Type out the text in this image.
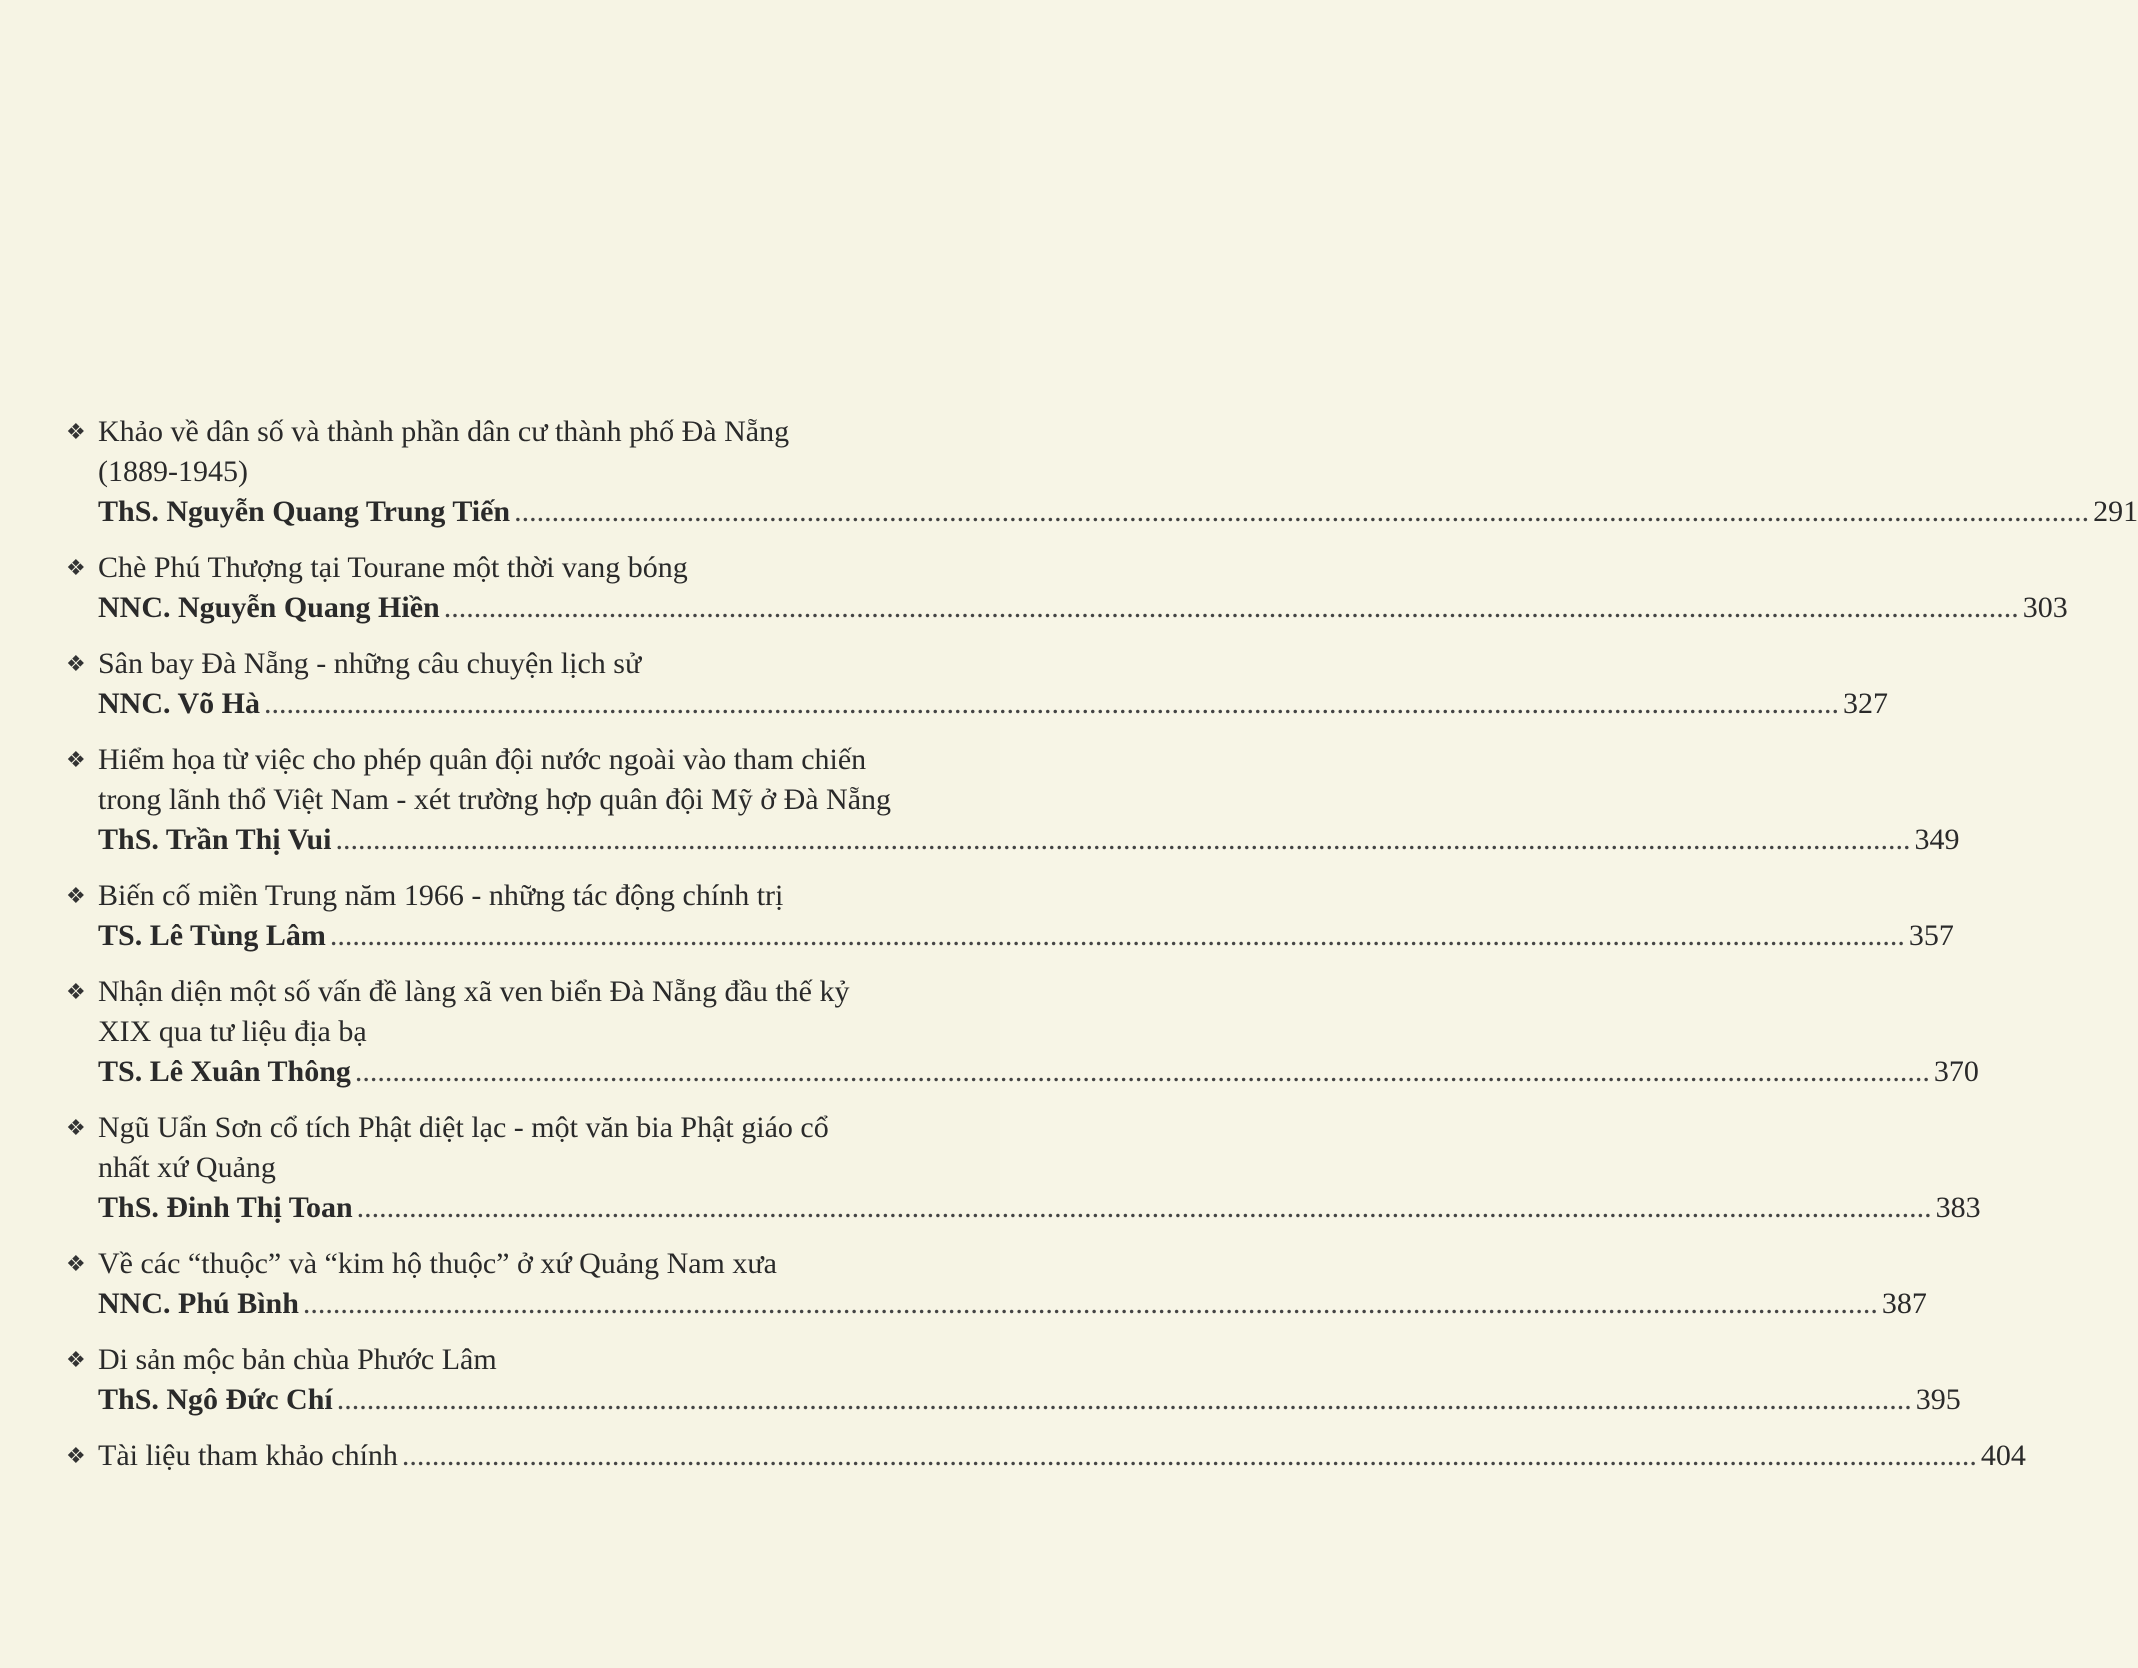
❖ Khảo về dân số và thành phần dân cư thành phố Đà Nẵng
(1889-1945)
ThS. Nguyễn Quang Trung Tiến .....	291
❖ Chè Phú Thượng tại Tourane một thời vang bóng
NNC. Nguyễn Quang Hiền .....	303
❖ Sân bay Đà Nẵng - những câu chuyện lịch sử
NNC. Võ Hà .....	327
❖ Hiểm họa từ việc cho phép quân đội nước ngoài vào tham chiến
trong lãnh thổ Việt Nam - xét trường hợp quân đội Mỹ ở Đà Nẵng
ThS. Trần Thị Vui .....	349
❖ Biến cố miền Trung năm 1966 - những tác động chính trị
TS. Lê Tùng Lâm .....	357
❖ Nhận diện một số vấn đề làng xã ven biển Đà Nẵng đầu thế kỷ
XIX qua tư liệu địa bạ
TS. Lê Xuân Thông .....	370
❖ Ngũ Uẩn Sơn cổ tích Phật diệt lạc - một văn bia Phật giáo cổ
nhất xứ Quảng
ThS. Đinh Thị Toan .....	383
❖ Về các “thuộc” và “kim hộ thuộc” ở xứ Quảng Nam xưa
NNC. Phú Bình .....	387
❖ Di sản mộc bản chùa Phước Lâm
ThS. Ngô Đức Chí .....	395
❖ Tài liệu tham khảo chính .....	404
